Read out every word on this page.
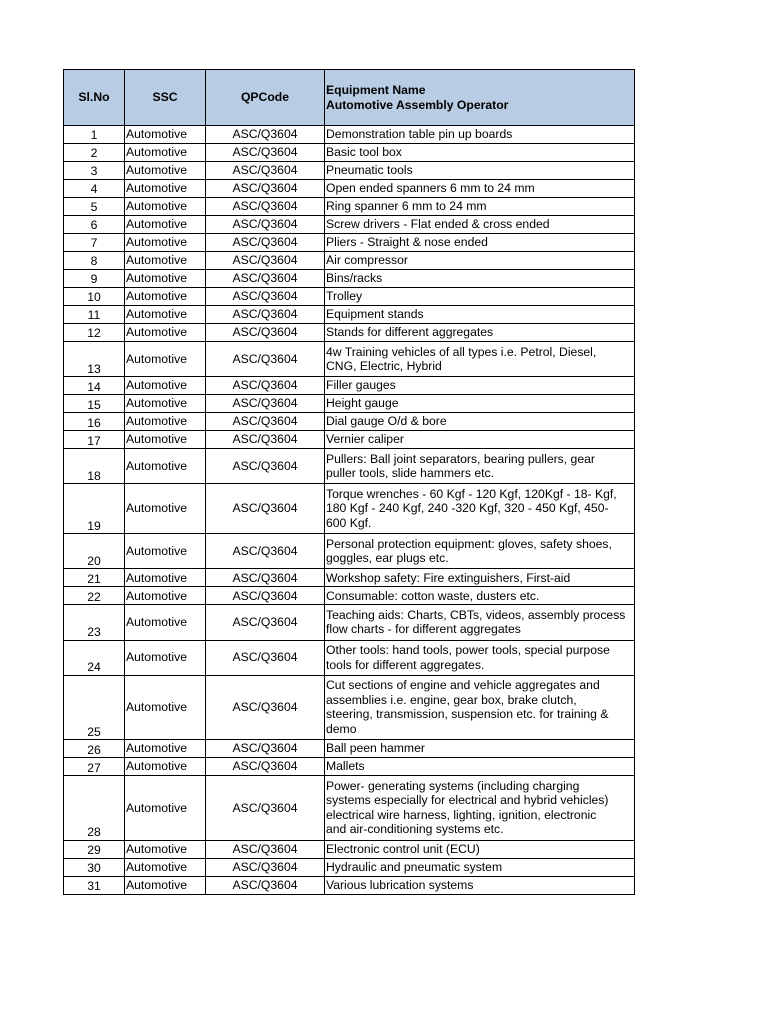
Sl.No	SSC	QPCode	Equipment Name
Automotive Assembly Operator

1	Automotive	ASC/Q3604	Demonstration table pin up boards
2	Automotive	ASC/Q3604	Basic tool box
3	Automotive	ASC/Q3604	Pneumatic tools
4	Automotive	ASC/Q3604	Open ended spanners 6 mm to 24 mm
5	Automotive	ASC/Q3604	Ring spanner 6 mm to 24 mm
6	Automotive	ASC/Q3604	Screw drivers - Flat ended & cross ended
7	Automotive	ASC/Q3604	Pliers - Straight & nose ended
8	Automotive	ASC/Q3604	Air compressor
9	Automotive	ASC/Q3604	Bins/racks
10	Automotive	ASC/Q3604	Trolley
11	Automotive	ASC/Q3604	Equipment stands
12	Automotive	ASC/Q3604	Stands for different aggregates
13	Automotive	ASC/Q3604	4w Training vehicles of all types i.e. Petrol, Diesel,
CNG, Electric, Hybrid
14	Automotive	ASC/Q3604	Filler gauges
15	Automotive	ASC/Q3604	Height gauge
16	Automotive	ASC/Q3604	Dial gauge O/d & bore
17	Automotive	ASC/Q3604	Vernier caliper
18	Automotive	ASC/Q3604	Pullers: Ball joint separators, bearing pullers, gear
puller tools, slide hammers etc.
19	Automotive	ASC/Q3604	Torque wrenches - 60 Kgf - 120 Kgf, 120Kgf - 18- Kgf,
180 Kgf - 240 Kgf, 240 -320 Kgf, 320 - 450 Kgf, 450-
600 Kgf.
20	Automotive	ASC/Q3604	Personal protection equipment: gloves, safety shoes,
goggles, ear plugs etc.
21	Automotive	ASC/Q3604	Workshop safety: Fire extinguishers, First-aid
22	Automotive	ASC/Q3604	Consumable: cotton waste, dusters etc.
23	Automotive	ASC/Q3604	Teaching aids: Charts, CBTs, videos, assembly process
flow charts - for different aggregates
24	Automotive	ASC/Q3604	Other tools: hand tools, power tools, special purpose
tools for different aggregates.
25	Automotive	ASC/Q3604	Cut sections of engine and vehicle aggregates and
assemblies i.e. engine, gear box, brake clutch,
steering, transmission, suspension etc. for training &
demo
26	Automotive	ASC/Q3604	Ball peen hammer
27	Automotive	ASC/Q3604	Mallets
28	Automotive	ASC/Q3604	Power- generating systems (including charging
systems especially for electrical and hybrid vehicles)
electrical wire harness, lighting, ignition, electronic
and air-conditioning systems etc.
29	Automotive	ASC/Q3604	Electronic control unit (ECU)
30	Automotive	ASC/Q3604	Hydraulic and pneumatic system
31	Automotive	ASC/Q3604	Various lubrication systems
